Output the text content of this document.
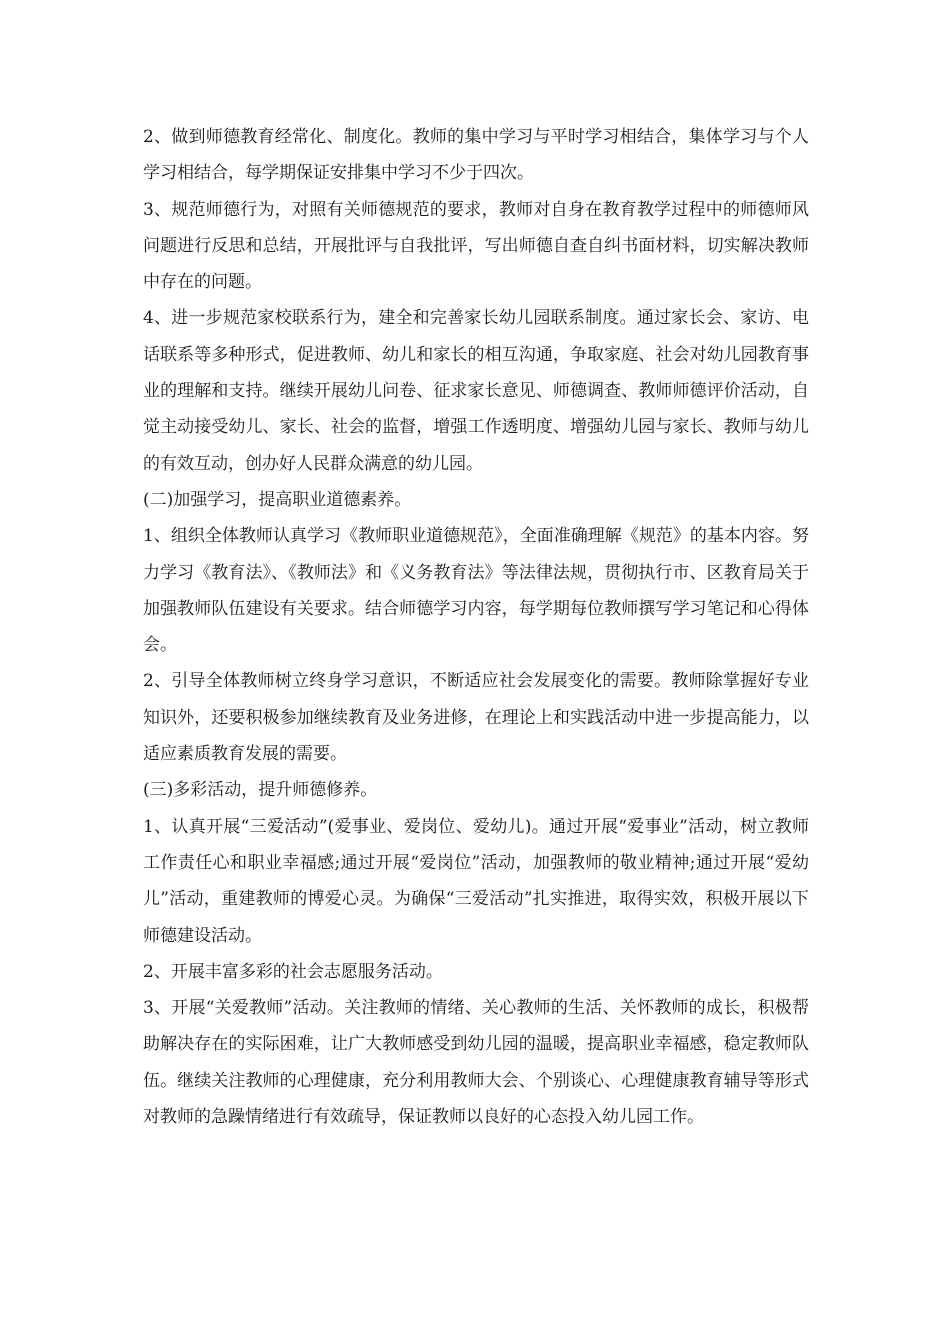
2、做到师德教育经常化、制度化。教师的集中学习与平时学习相结合，集体学习与个人学习相结合，每学期保证安排集中学习不少于四次。

3、规范师德行为，对照有关师德规范的要求，教师对自身在教育教学过程中的师德师风问题进行反思和总结，开展批评与自我批评，写出师德自查自纠书面材料，切实解决教师中存在的问题。

4、进一步规范家校联系行为，建全和完善家长幼儿园联系制度。通过家长会、家访、电话联系等多种形式，促进教师、幼儿和家长的相互沟通，争取家庭、社会对幼儿园教育事业的理解和支持。继续开展幼儿问卷、征求家长意见、师德调查、教师师德评价活动，自觉主动接受幼儿、家长、社会的监督，增强工作透明度、增强幼儿园与家长、教师与幼儿的有效互动，创办好人民群众满意的幼儿园。

(二)加强学习，提高职业道德素养。

1、组织全体教师认真学习《教师职业道德规范》，全面准确理解《规范》的基本内容。努力学习《教育法》、《教师法》和《义务教育法》等法律法规，贯彻执行市、区教育局关于加强教师队伍建设有关要求。结合师德学习内容，每学期每位教师撰写学习笔记和心得体会。

2、引导全体教师树立终身学习意识，不断适应社会发展变化的需要。教师除掌握好专业知识外，还要积极参加继续教育及业务进修，在理论上和实践活动中进一步提高能力，以适应素质教育发展的需要。

(三)多彩活动，提升师德修养。

1、认真开展“三爱活动”(爱事业、爱岗位、爱幼儿)。通过开展“爱事业”活动，树立教师工作责任心和职业幸福感;通过开展“爱岗位”活动，加强教师的敬业精神;通过开展“爱幼儿”活动，重建教师的博爱心灵。为确保“三爱活动”扎实推进，取得实效，积极开展以下师德建设活动。

2、开展丰富多彩的社会志愿服务活动。

3、开展“关爱教师”活动。关注教师的情绪、关心教师的生活、关怀教师的成长，积极帮助解决存在的实际困难，让广大教师感受到幼儿园的温暖，提高职业幸福感，稳定教师队伍。继续关注教师的心理健康，充分利用教师大会、个别谈心、心理健康教育辅导等形式对教师的急躁情绪进行有效疏导，保证教师以良好的心态投入幼儿园工作。
